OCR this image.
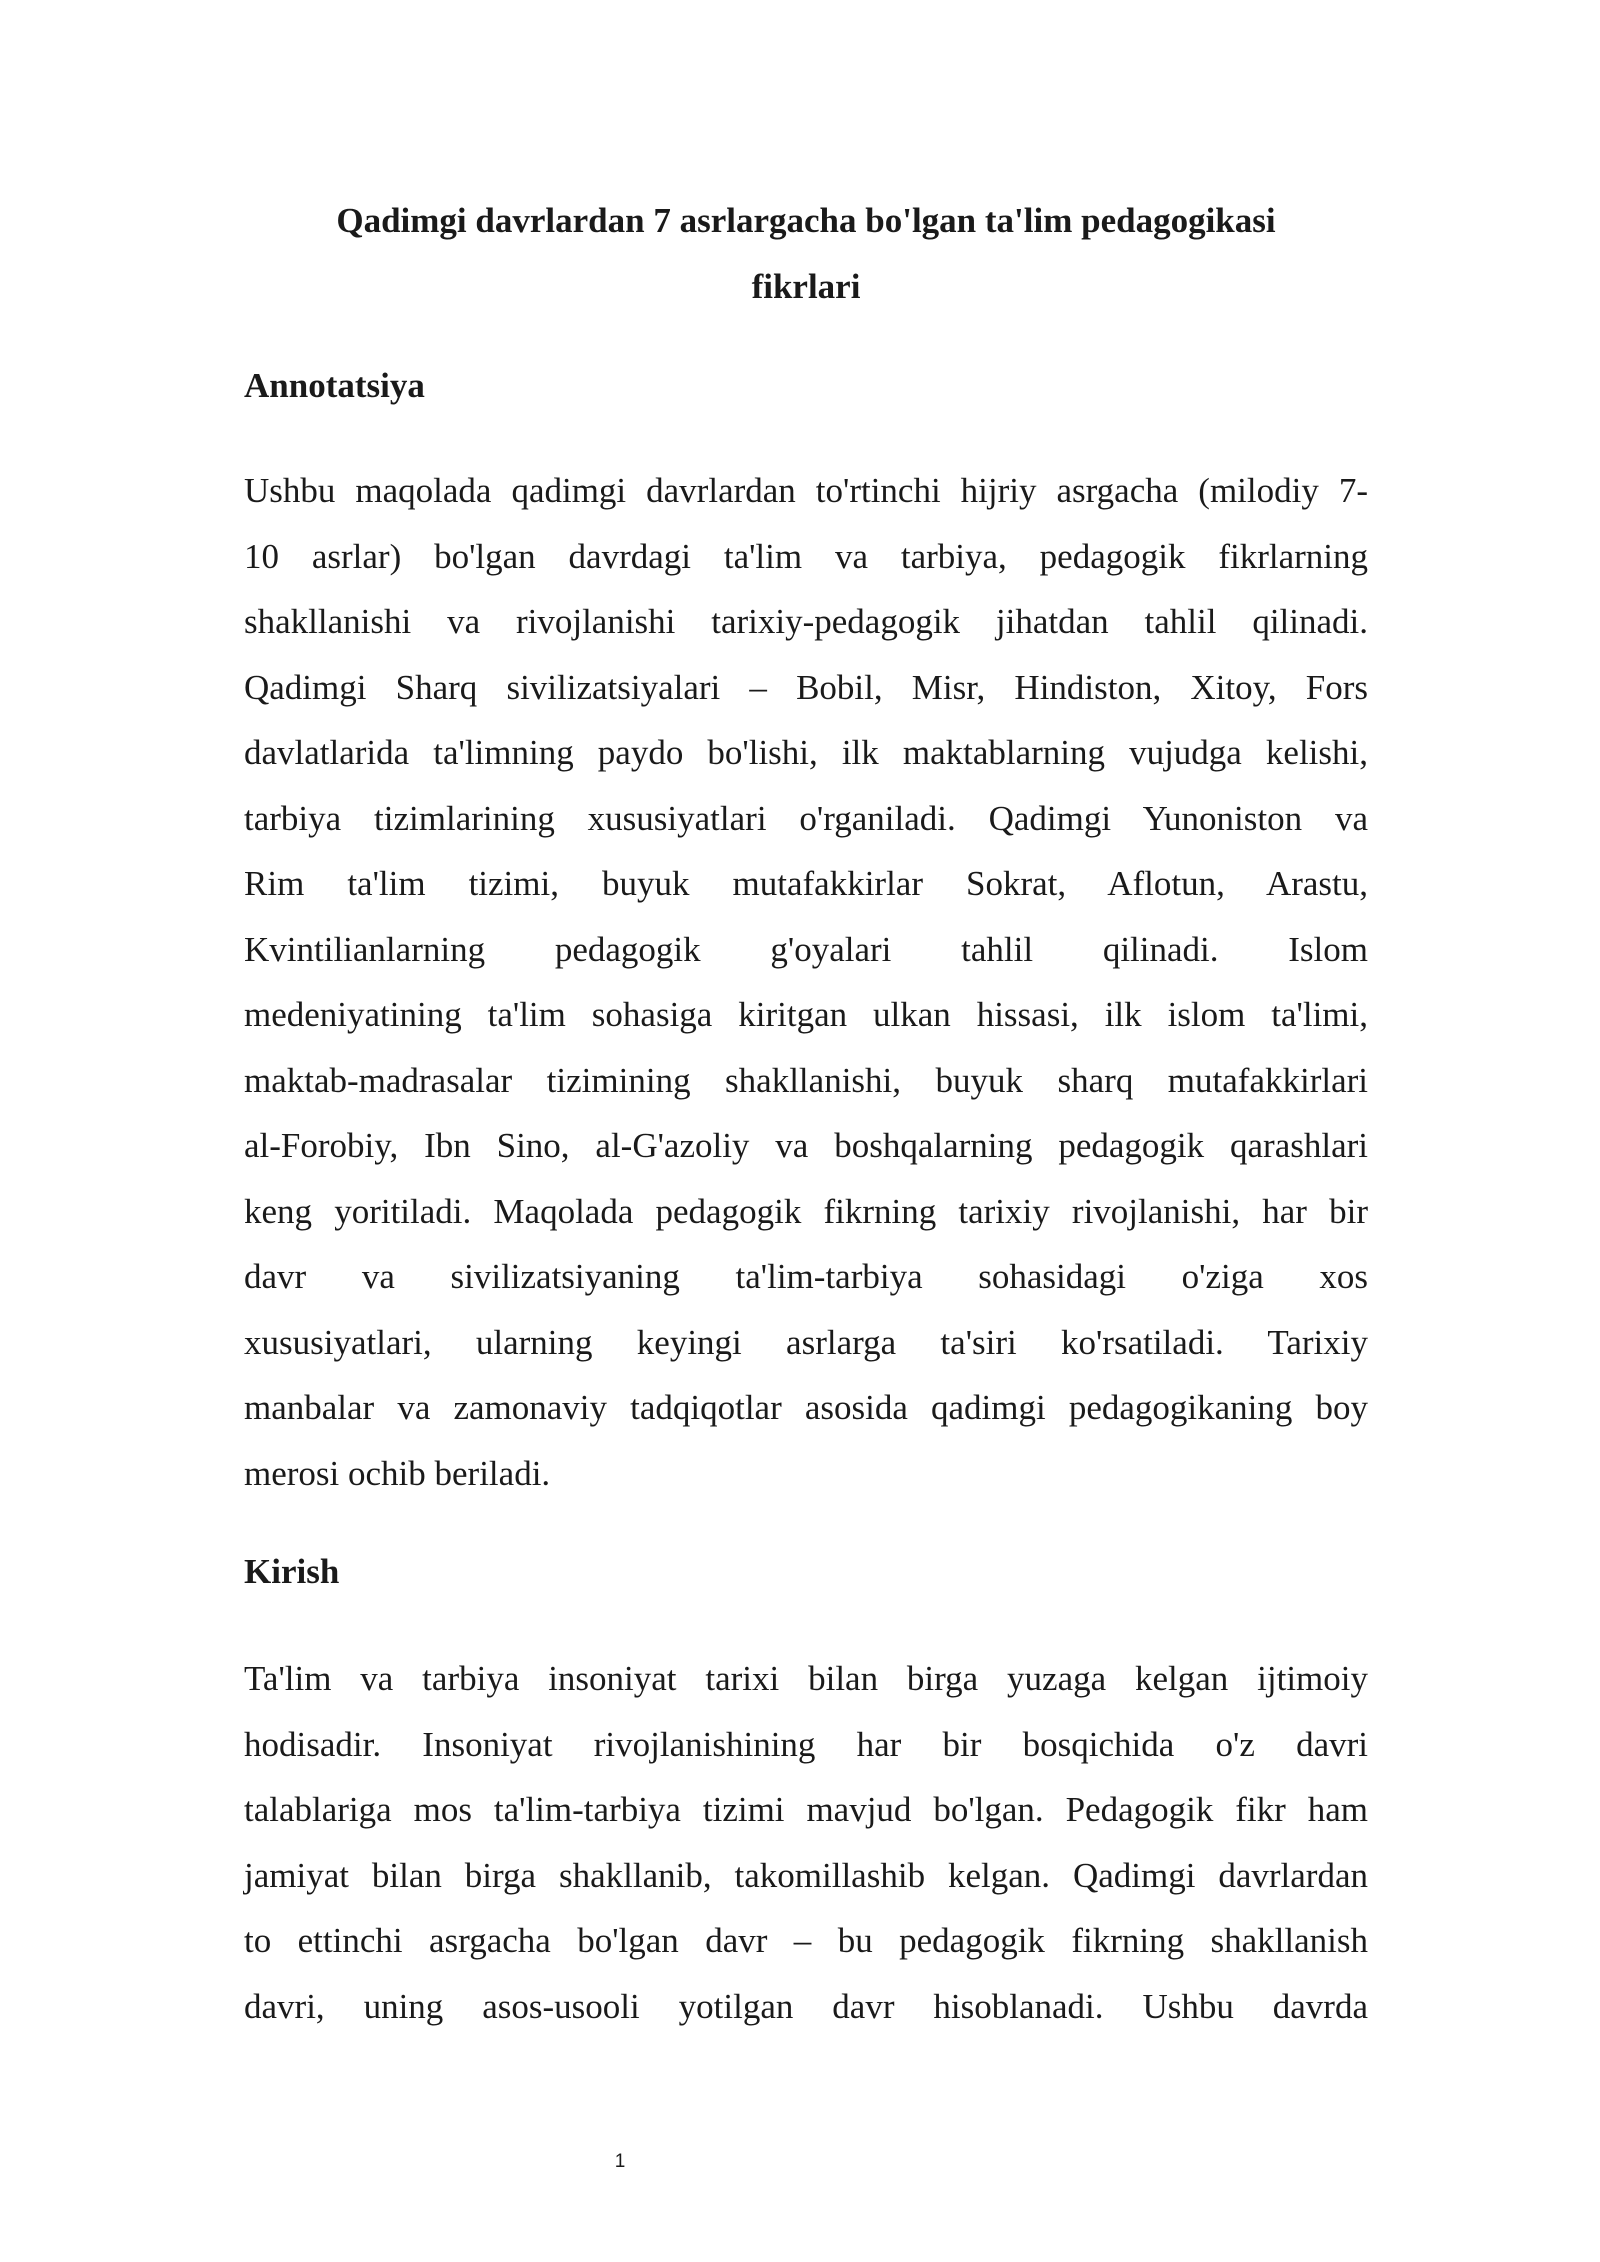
Qadimgi davrlardan 7 asrlargacha bo'lgan ta'lim pedagogikasi
fikrlari
Annotatsiya
Ushbu maqolada qadimgi davrlardan to'rtinchi hijriy asrgacha (milodiy 7-
10 asrlar) bo'lgan davrdagi ta'lim va tarbiya, pedagogik fikrlarning
shakllanishi va rivojlanishi tarixiy-pedagogik jihatdan tahlil qilinadi.
Qadimgi Sharq sivilizatsiyalari – Bobil, Misr, Hindiston, Xitoy, Fors
davlatlarida ta'limning paydo bo'lishi, ilk maktablarning vujudga kelishi,
tarbiya tizimlarining xususiyatlari o'rganiladi. Qadimgi Yunoniston va
Rim ta'lim tizimi, buyuk mutafakkirlar Sokrat, Aflotun, Arastu,
Kvintilianlarning pedagogik g'oyalari tahlil qilinadi. Islom
medeniyatining ta'lim sohasiga kiritgan ulkan hissasi, ilk islom ta'limi,
maktab-madrasalar tizimining shakllanishi, buyuk sharq mutafakkirlari
al-Forobiy, Ibn Sino, al-G'azoliy va boshqalarning pedagogik qarashlari
keng yoritiladi. Maqolada pedagogik fikrning tarixiy rivojlanishi, har bir
davr va sivilizatsiyaning ta'lim-tarbiya sohasidagi o'ziga xos
xususiyatlari, ularning keyingi asrlarga ta'siri ko'rsatiladi. Tarixiy
manbalar va zamonaviy tadqiqotlar asosida qadimgi pedagogikaning boy
merosi ochib beriladi.
Kirish
Ta'lim va tarbiya insoniyat tarixi bilan birga yuzaga kelgan ijtimoiy
hodisadir. Insoniyat rivojlanishining har bir bosqichida o'z davri
talablariga mos ta'lim-tarbiya tizimi mavjud bo'lgan. Pedagogik fikr ham
jamiyat bilan birga shakllanib, takomillashib kelgan. Qadimgi davrlardan
to ettinchi asrgacha bo'lgan davr – bu pedagogik fikrning shakllanish
davri, uning asos-usooli yotilgan davr hisoblanadi. Ushbu davrda
1
